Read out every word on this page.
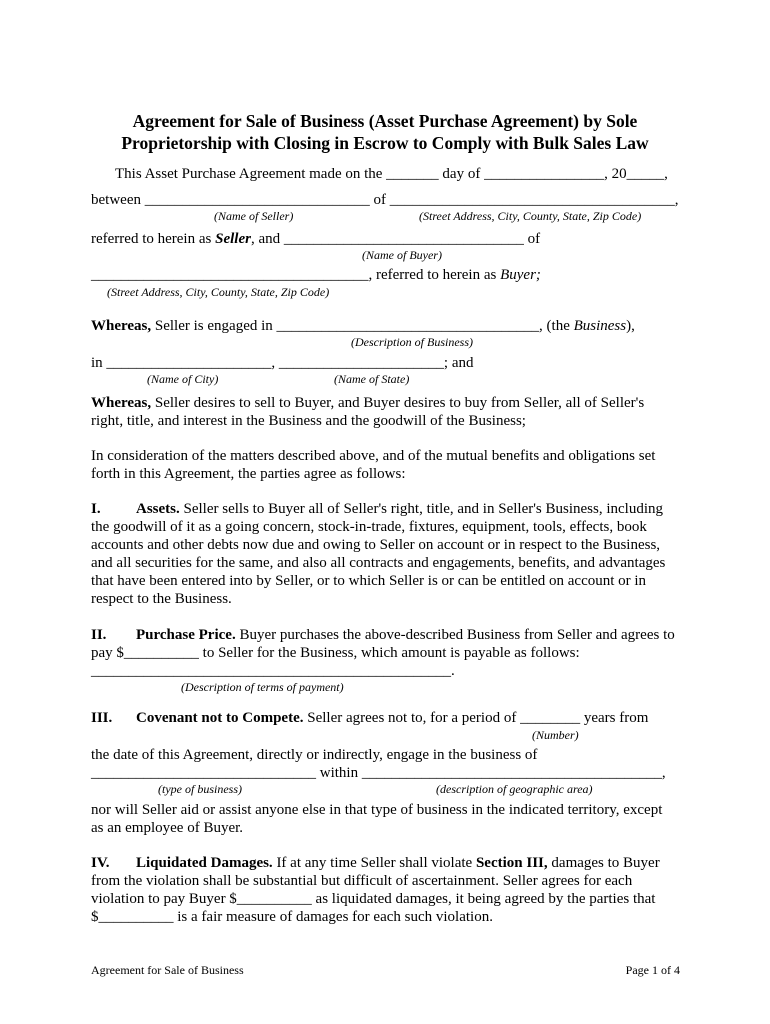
Agreement for Sale of Business (Asset Purchase Agreement) by Sole
Proprietorship with Closing in Escrow to Comply with Bulk Sales Law
This Asset Purchase Agreement made on the _______ day of ________________, 20_____,
between ______________________________ of ______________________________________,
(Name of Seller)	(Street Address, City, County, State, Zip Code)
referred to herein as Seller, and ________________________________ of
(Name of Buyer)
_____________________________________, referred to herein as Buyer;
(Street Address, City, County, State, Zip Code)
Whereas, Seller is engaged in ___________________________________, (the Business),
(Description of Business)
in ______________________, ______________________; and
(Name of City)	(Name of State)
Whereas, Seller desires to sell to Buyer, and Buyer desires to buy from Seller, all of Seller's
right, title, and interest in the Business and the goodwill of the Business;
In consideration of the matters described above, and of the mutual benefits and obligations set
forth in this Agreement, the parties agree as follows:
I. Assets. Seller sells to Buyer all of Seller's right, title, and in Seller's Business, including
the goodwill of it as a going concern, stock-in-trade, fixtures, equipment, tools, effects, book
accounts and other debts now due and owing to Seller on account or in respect to the Business,
and all securities for the same, and also all contracts and engagements, benefits, and advantages
that have been entered into by Seller, or to which Seller is or can be entitled on account or in
respect to the Business.
II. Purchase Price. Buyer purchases the above-described Business from Seller and agrees to
pay $__________ to Seller for the Business, which amount is payable as follows:
________________________________________________.
(Description of terms of payment)
III. Covenant not to Compete. Seller agrees not to, for a period of ________ years from
(Number)
the date of this Agreement, directly or indirectly, engage in the business of
______________________________ within ________________________________________,
(type of business)	(description of geographic area)
nor will Seller aid or assist anyone else in that type of business in the indicated territory, except
as an employee of Buyer.
IV. Liquidated Damages. If at any time Seller shall violate Section III, damages to Buyer
from the violation shall be substantial but difficult of ascertainment. Seller agrees for each
violation to pay Buyer $__________ as liquidated damages, it being agreed by the parties that
$__________ is a fair measure of damages for each such violation.
Agreement for Sale of Business	Page 1 of 4
